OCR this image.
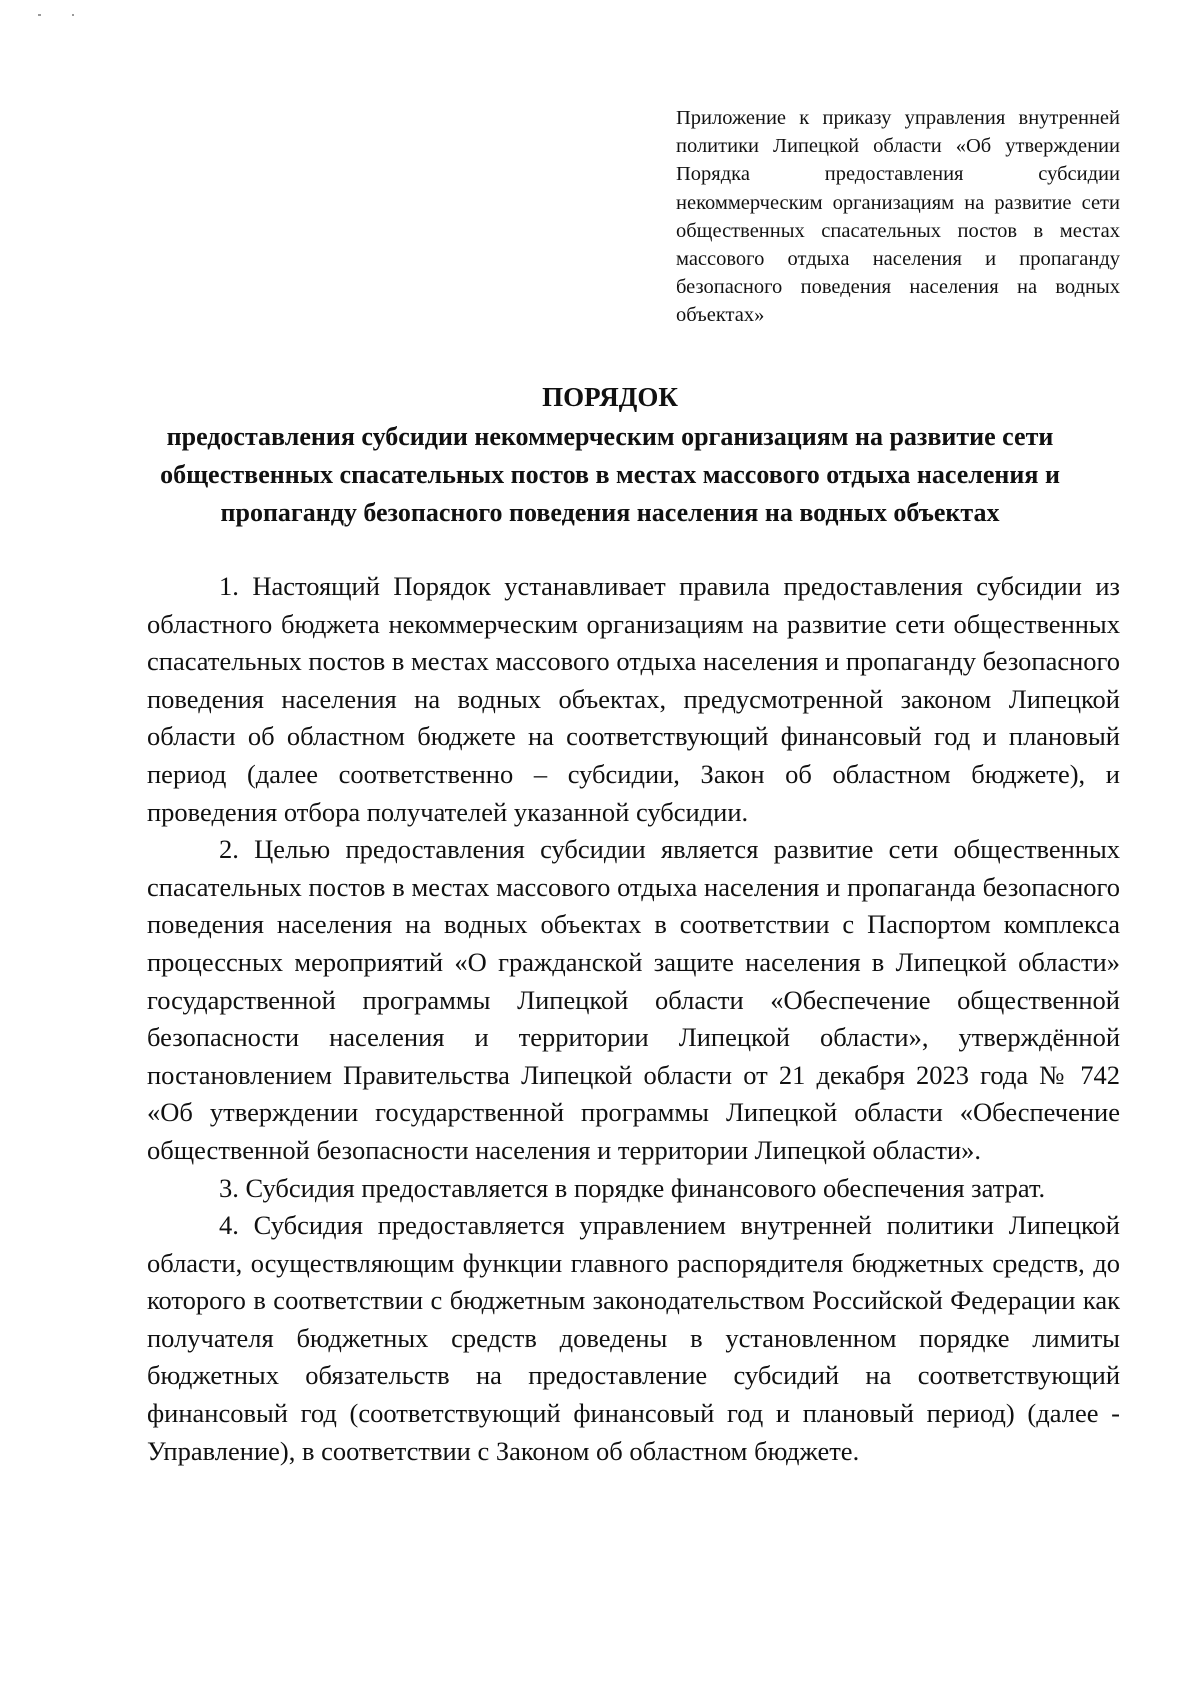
Приложение к приказу управления внутренней политики Липецкой области «Об утверждении Порядка предоставления субсидии некоммерческим организациям на развитие сети общественных спасательных постов в местах массового отдыха населения и пропаганду безопасного поведения населения на водных объектах»
ПОРЯДОК
предоставления субсидии некоммерческим организациям на развитие сети общественных спасательных постов в местах массового отдыха населения и пропаганду безопасного поведения населения на водных объектах

1. Настоящий Порядок устанавливает правила предоставления субсидии из областного бюджета некоммерческим организациям на развитие сети общественных спасательных постов в местах массового отдыха населения и пропаганду безопасного поведения населения на водных объектах, предусмотренной законом Липецкой области об областном бюджете на соответствующий финансовый год и плановый период (далее соответственно – субсидии, Закон об областном бюджете), и проведения отбора получателей указанной субсидии.

2. Целью предоставления субсидии является развитие сети общественных спасательных постов в местах массового отдыха населения и пропаганда безопасного поведения населения на водных объектах в соответствии с Паспортом комплекса процессных мероприятий «О гражданской защите населения в Липецкой области» государственной программы Липецкой области «Обеспечение общественной безопасности населения и территории Липецкой области», утверждённой постановлением Правительства Липецкой области от 21 декабря 2023 года № 742 «Об утверждении государственной программы Липецкой области «Обеспечение общественной безопасности населения и территории Липецкой области».

3. Субсидия предоставляется в порядке финансового обеспечения затрат.

4. Субсидия предоставляется управлением внутренней политики Липецкой области, осуществляющим функции главного распорядителя бюджетных средств, до которого в соответствии с бюджетным законодательством Российской Федерации как получателя бюджетных средств доведены в установленном порядке лимиты бюджетных обязательств на предоставление субсидий на соответствующий финансовый год (соответствующий финансовый год и плановый период) (далее - Управление), в соответствии с Законом об областном бюджете.
